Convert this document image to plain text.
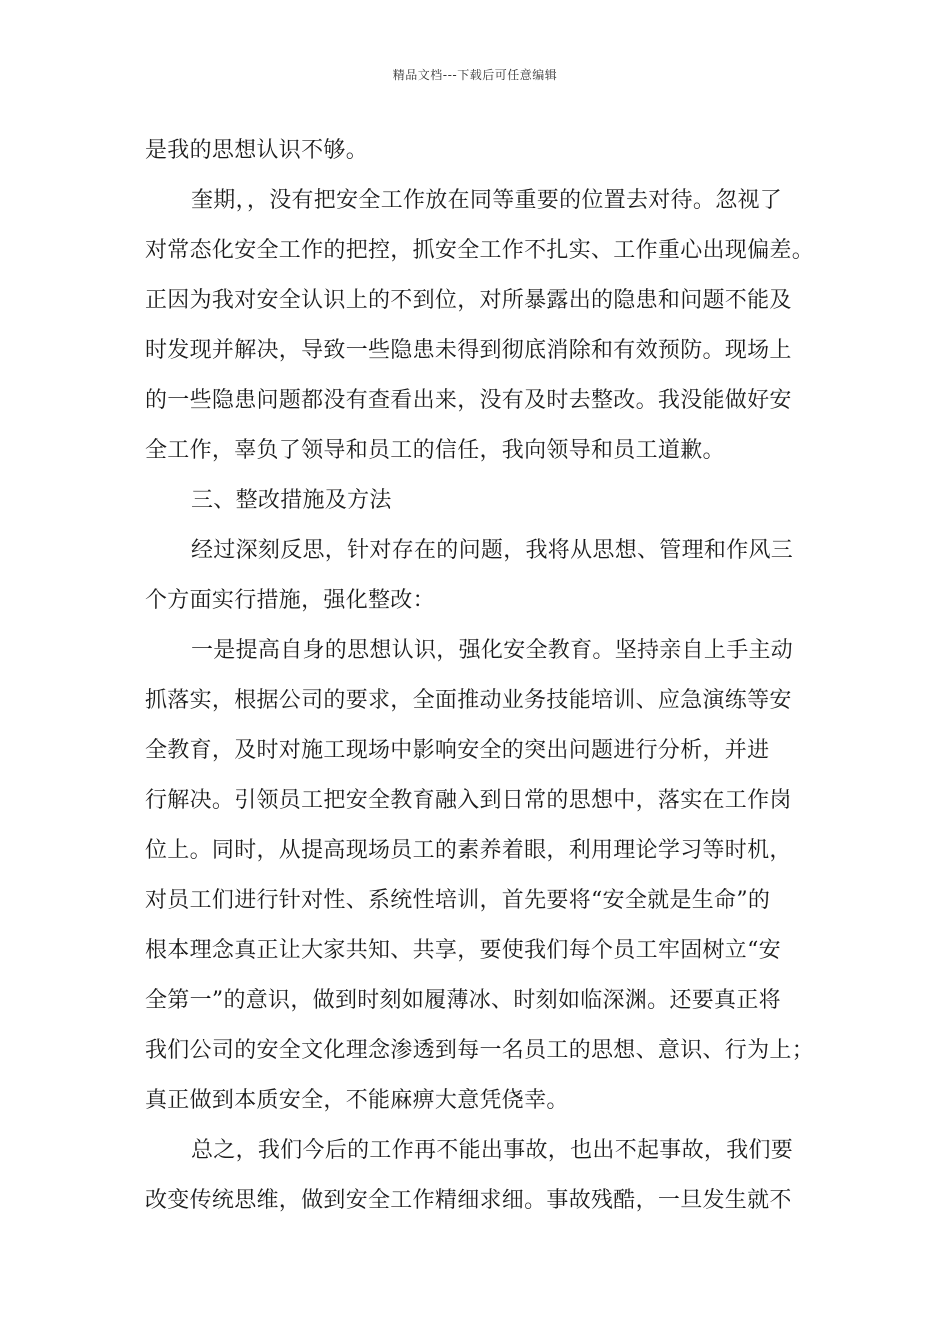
精品文档---下载后可任意编辑
是我的思想认识不够。
奎期，，没有把安全工作放在同等重要的位置去对待。忽视了
对常态化安全工作的把控，抓安全工作不扎实、工作重心出现偏差。
正因为我对安全认识上的不到位，对所暴露出的隐患和问题不能及
时发现并解决，导致一些隐患未得到彻底消除和有效预防。现场上
的一些隐患问题都没有查看出来，没有及时去整改。我没能做好安
全工作，辜负了领导和员工的信任，我向领导和员工道歉。
三、整改措施及方法
经过深刻反思，针对存在的问题，我将从思想、管理和作风三
个方面实行措施，强化整改：
一是提高自身的思想认识，强化安全教育。坚持亲自上手主动
抓落实，根据公司的要求，全面推动业务技能培训、应急演练等安
全教育，及时对施工现场中影响安全的突出问题进行分析，并进
行解决。引领员工把安全教育融入到日常的思想中，落实在工作岗
位上。同时，从提高现场员工的素养着眼，利用理论学习等时机，
对员工们进行针对性、系统性培训，首先要将“安全就是生命”的
根本理念真正让大家共知、共享，要使我们每个员工牢固树立“安
全第一”的意识，做到时刻如履薄冰、时刻如临深渊。还要真正将
我们公司的安全文化理念渗透到每一名员工的思想、意识、行为上；
真正做到本质安全，不能麻痹大意凭侥幸。
总之，我们今后的工作再不能出事故，也出不起事故，我们要
改变传统思维，做到安全工作精细求细。事故残酷，一旦发生就不
